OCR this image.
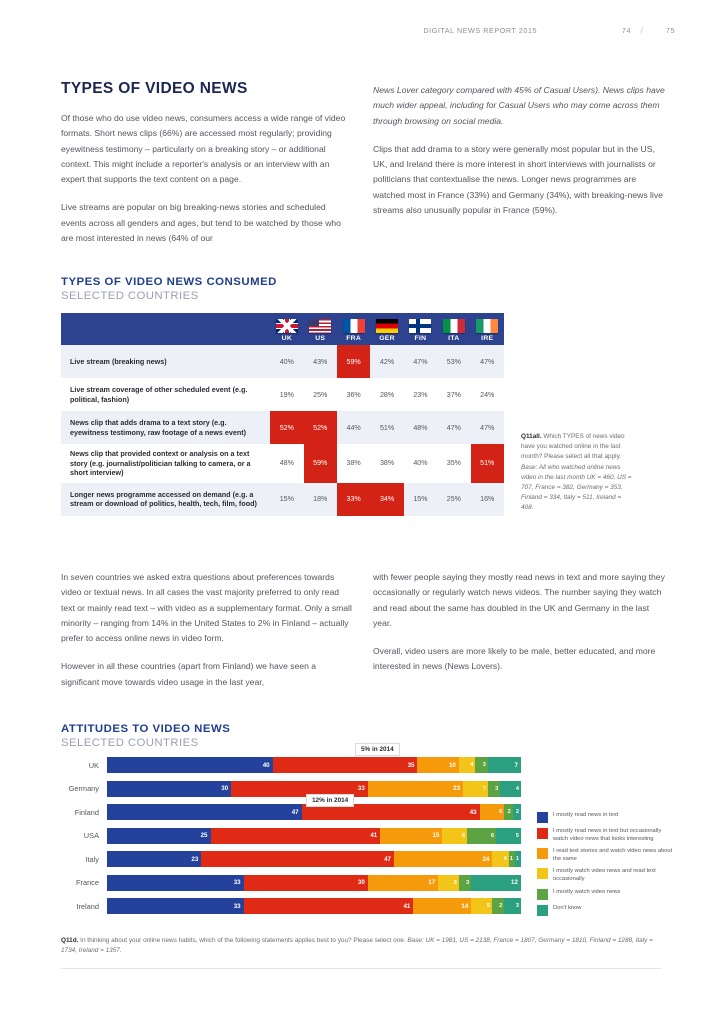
DIGITAL NEWS REPORT 2015	74	/	75
TYPES OF VIDEO NEWS

Of those who do use video news, consumers access a wide range of video formats. Short news clips (66%) are accessed most regularly; providing eyewitness testimony – particularly on a breaking story – or additional context. This might include a reporter's analysis or an interview with an expert that supports the text content on a page.

Live streams are popular on big breaking-news stories and scheduled events across all genders and ages, but tend to be watched by those who are most interested in news (64% of our

News Lover category compared with 45% of Casual Users). News clips have much wider appeal, including for Casual Users who may come across them through browsing on social media.

Clips that add drama to a story were generally most popular but in the US, UK, and Ireland there is more interest in short interviews with journalists or politicians that contextualise the news. Longer news programmes are watched most in France (33%) and Germany (34%), with breaking-news live streams also unusually popular in France (59%).

TYPES OF VIDEO NEWS CONSUMED
SELECTED COUNTRIES

	UK	US	FRA	GER	FIN	ITA	IRE

Live stream (breaking news)	40%	43%	59%	42%	47%	53%	47%
Live stream coverage of other scheduled event (e.g. political, fashion)	19%	25%	36%	28%	23%	37%	24%
News clip that adds drama to a text story (e.g. eyewitness testimony, raw footage of a news event)	52%	52%	44%	51%	48%	47%	47%
News clip that provided context or analysis on a text story (e.g. journalist/politician talking to camera, or a short interview)	48%	59%	38%	38%	40%	35%	51%
Longer news programme accessed on demand (e.g. a stream or download of politics, health, tech, film, food)	15%	18%	33%	34%	15%	25%	16%
Q11all. Which TYPES of news video have you watched online in the last month? Please select all that apply. Base: All who watched online news video in the last month UK = 460, US = 707, France = 382, Germany = 353, Finland = 334, Italy = 511, Ireland = 408.

In seven countries we asked extra questions about preferences towards video or textual news. In all cases the vast majority preferred to only read text or mainly read text – with video as a supplementary format. Only a small minority – ranging from 14% in the United States to 2% in Finland – actually prefer to access online news in video form.

However in all these countries (apart from Finland) we have seen a significant move towards video usage in the last year,

with fewer people saying they mostly read news in text and more saying they occasionally or regularly watch news videos. The number saying they watch and read about the same has doubled in the UK and Germany in the last year.

Overall, video users are more likely to be male, better educated, and more interested in news (News Lovers).

ATTITUDES TO VIDEO NEWS
SELECTED COUNTRIES
5% in 2014
12% in 2014
UK	40	35	10	4	3	7
Germany	30	33	23	7	3	4
Finland	47	43	6 2 2
USA	25	41	15	6	6	5
Italy	23	47	24	4 1 1
France	33	30	17	5	3	12
Ireland	33	41	14	5	2	3
I mostly read news in text
I mostly read news in text but occasionally watch video news that looks interesting
I read text stories and watch video news about the same
I mostly watch video news and read text occasionally
I mostly watch video news
Don't know
Q11d. In thinking about your online news habits, which of the following statements applies best to you? Please select one. Base: UK = 1981, US = 2138, France = 1807, Germany = 1810, Finland = 1288, Italy = 1734, Ireland = 1357.
